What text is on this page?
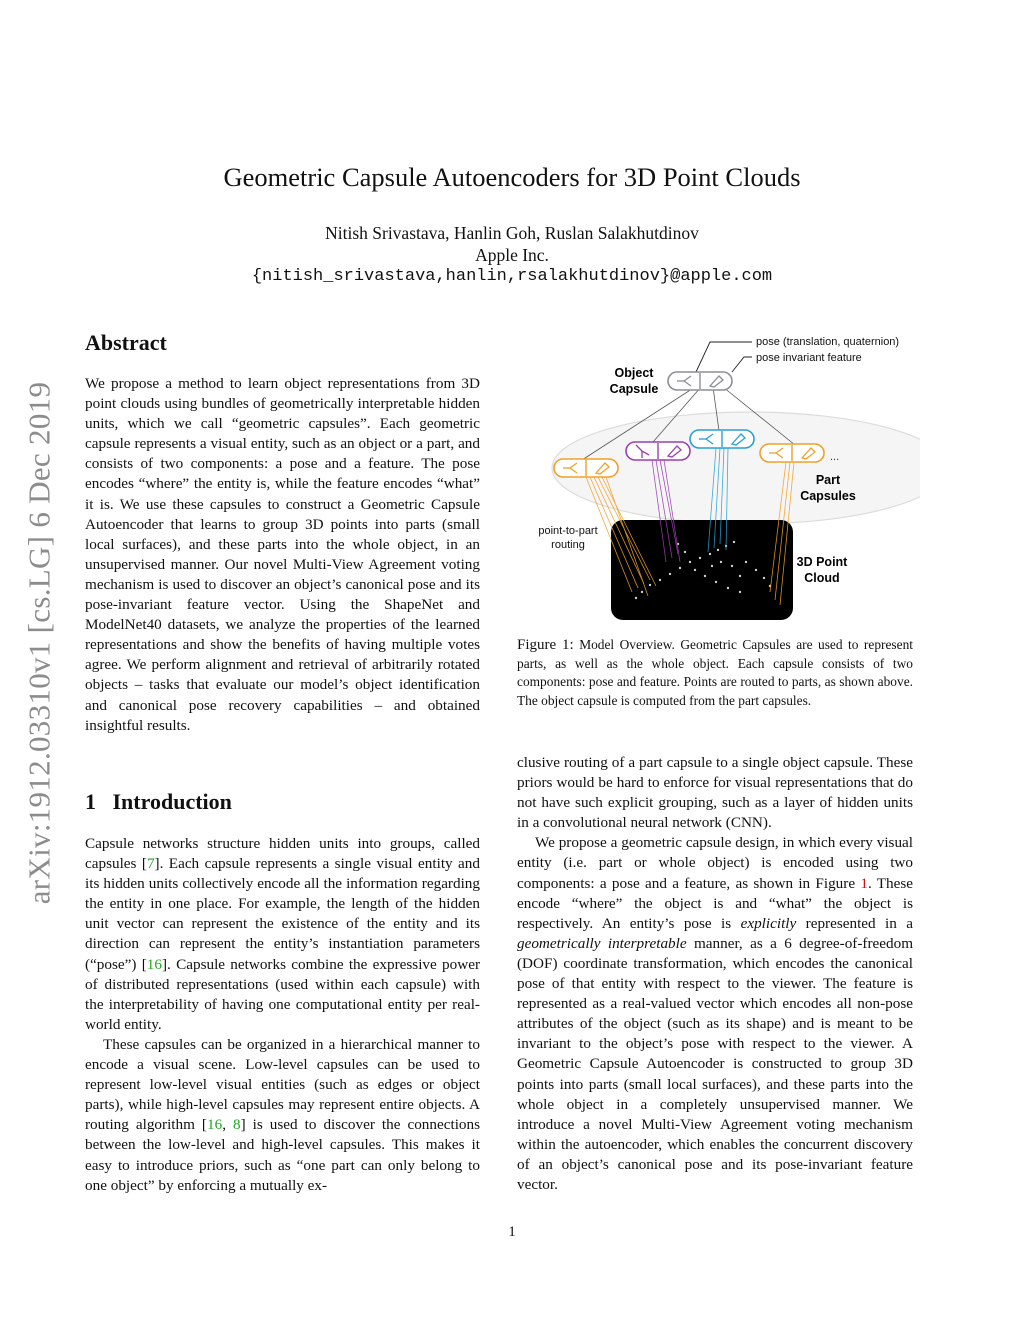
arXiv:1912.03310v1 [cs.LG] 6 Dec 2019
Geometric Capsule Autoencoders for 3D Point Clouds
Nitish Srivastava, Hanlin Goh, Ruslan Salakhutdinov
Apple Inc.
{nitish_srivastava,hanlin,rsalakhutdinov}@apple.com
Abstract

We propose a method to learn object representations from 3D point clouds using bundles of geometrically interpretable hidden units, which we call “geometric capsules”. Each geometric capsule represents a visual entity, such as an object or a part, and consists of two components: a pose and a feature. The pose encodes “where” the entity is, while the feature encodes “what” it is. We use these capsules to construct a Geometric Capsule Autoencoder that learns to group 3D points into parts (small local surfaces), and these parts into the whole object, in an unsupervised manner. Our novel Multi-View Agreement voting mechanism is used to discover an object’s canonical pose and its pose-invariant feature vector. Using the ShapeNet and ModelNet40 datasets, we analyze the properties of the learned representations and show the benefits of having multiple votes agree. We perform alignment and retrieval of arbitrarily rotated objects – tasks that evaluate our model’s object identification and canonical pose recovery capabilities – and obtained insightful results.

1 Introduction

Capsule networks structure hidden units into groups, called capsules [7]. Each capsule represents a single visual entity and its hidden units collectively encode all the information regarding the entity in one place. For example, the length of the hidden unit vector can represent the existence of the entity and its direction can represent the entity’s instantiation parameters (“pose”) [16]. Capsule networks combine the expressive power of distributed representations (used within each capsule) with the interpretability of having one computational entity per real-world entity.

These capsules can be organized in a hierarchical manner to encode a visual scene. Low-level capsules can be used to represent low-level visual entities (such as edges or object parts), while high-level capsules may represent entire objects. A routing algorithm [16, 8] is used to discover the connections between the low-level and high-level capsules. This makes it easy to introduce priors, such as “one part can only belong to one object” by enforcing a mutually ex-

pose (translation, quaternion)
pose invariant feature
Object
Capsule
...
Part
Capsules
point-to-part
routing
3D Point
Cloud
Figure 1: Model Overview. Geometric Capsules are used to represent parts, as well as the whole object. Each capsule consists of two components: pose and feature. Points are routed to parts, as shown above. The object capsule is computed from the part capsules.

clusive routing of a part capsule to a single object capsule. These priors would be hard to enforce for visual representations that do not have such explicit grouping, such as a layer of hidden units in a convolutional neural network (CNN).

We propose a geometric capsule design, in which every visual entity (i.e. part or whole object) is encoded using two components: a pose and a feature, as shown in Figure 1. These encode “where” the object is and “what” the object is respectively. An entity’s pose is explicitly represented in a geometrically interpretable manner, as a 6 degree-of-freedom (DOF) coordinate transformation, which encodes the canonical pose of that entity with respect to the viewer. The feature is represented as a real-valued vector which encodes all non-pose attributes of the object (such as its shape) and is meant to be invariant to the object’s pose with respect to the viewer. A Geometric Capsule Autoencoder is constructed to group 3D points into parts (small local surfaces), and these parts into the whole object in a completely unsupervised manner. We introduce a novel Multi-View Agreement voting mechanism within the autoencoder, which enables the concurrent discovery of an object’s canonical pose and its pose-invariant feature vector.

1
